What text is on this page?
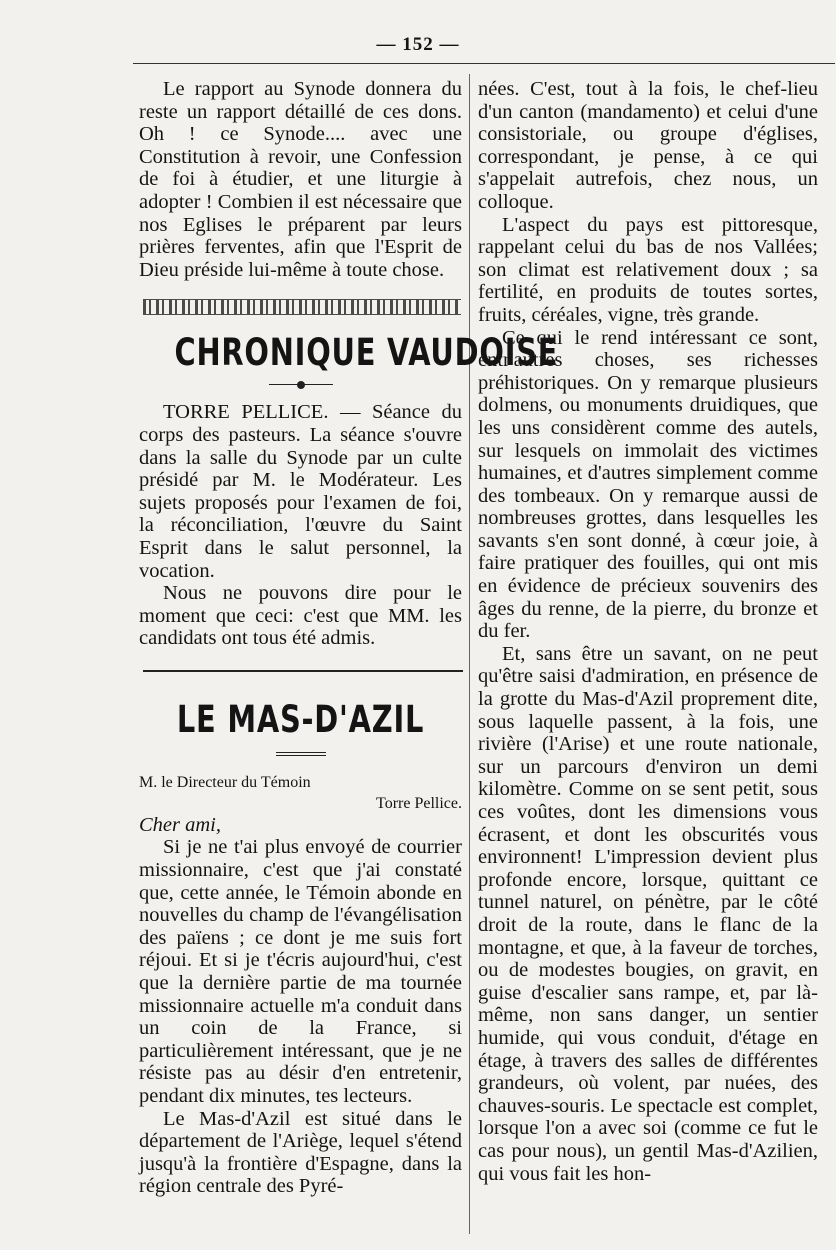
— 152 —

Le rapport au Synode donnera du reste un rapport détaillé de ces dons. Oh ! ce Synode.... avec une Constitution à revoir, une Confession de foi à étudier, et une liturgie à adopter ! Combien il est nécessaire que nos Eglises le préparent par leurs prières ferventes, afin que l'Esprit de Dieu préside lui-même à toute chose.

CHRONIQUE VAUDOISE

TORRE PELLICE. — Séance du corps des pasteurs. La séance s'ouvre dans la salle du Synode par un culte présidé par M. le Modérateur. Les sujets proposés pour l'examen de foi, la réconciliation, l'œuvre du Saint Esprit dans le salut personnel, la vocation.

Nous ne pouvons dire pour le moment que ceci: c'est que MM. les candidats ont tous été admis.

LE MAS-D'AZIL

M. le Directeur du Témoin

Torre Pellice.

Cher ami,

Si je ne t'ai plus envoyé de courrier missionnaire, c'est que j'ai constaté que, cette année, le Témoin abonde en nouvelles du champ de l'évangélisation des païens ; ce dont je me suis fort réjoui. Et si je t'écris aujourd'hui, c'est que la dernière partie de ma tournée missionnaire actuelle m'a conduit dans un coin de la France, si particulièrement intéressant, que je ne résiste pas au désir d'en entretenir, pendant dix minutes, tes lecteurs.

Le Mas-d'Azil est situé dans le département de l'Ariège, lequel s'étend jusqu'à la frontière d'Espagne, dans la région centrale des Pyré-

nées. C'est, tout à la fois, le chef-lieu d'un canton (mandamento) et celui d'une consistoriale, ou groupe d'églises, correspondant, je pense, à ce qui s'appelait autrefois, chez nous, un colloque.

L'aspect du pays est pittoresque, rappelant celui du bas de nos Vallées; son climat est relativement doux ; sa fertilité, en produits de toutes sortes, fruits, céréales, vigne, très grande.

Ce qui le rend intéressant ce sont, entr'autres choses, ses richesses préhistoriques. On y remarque plusieurs dolmens, ou monuments druidiques, que les uns considèrent comme des autels, sur lesquels on immolait des victimes humaines, et d'autres simplement comme des tombeaux. On y remarque aussi de nombreuses grottes, dans lesquelles les savants s'en sont donné, à cœur joie, à faire pratiquer des fouilles, qui ont mis en évidence de précieux souvenirs des âges du renne, de la pierre, du bronze et du fer.

Et, sans être un savant, on ne peut qu'être saisi d'admiration, en présence de la grotte du Mas-d'Azil proprement dite, sous laquelle passent, à la fois, une rivière (l'Arise) et une route nationale, sur un parcours d'environ un demi kilomètre. Comme on se sent petit, sous ces voûtes, dont les dimensions vous écrasent, et dont les obscurités vous environnent! L'impression devient plus profonde encore, lorsque, quittant ce tunnel naturel, on pénètre, par le côté droit de la route, dans le flanc de la montagne, et que, à la faveur de torches, ou de modestes bougies, on gravit, en guise d'escalier sans rampe, et, par là-même, non sans danger, un sentier humide, qui vous conduit, d'étage en étage, à travers des salles de différentes grandeurs, où volent, par nuées, des chauves-souris. Le spectacle est complet, lorsque l'on a avec soi (comme ce fut le cas pour nous), un gentil Mas-d'Azilien, qui vous fait les hon-
